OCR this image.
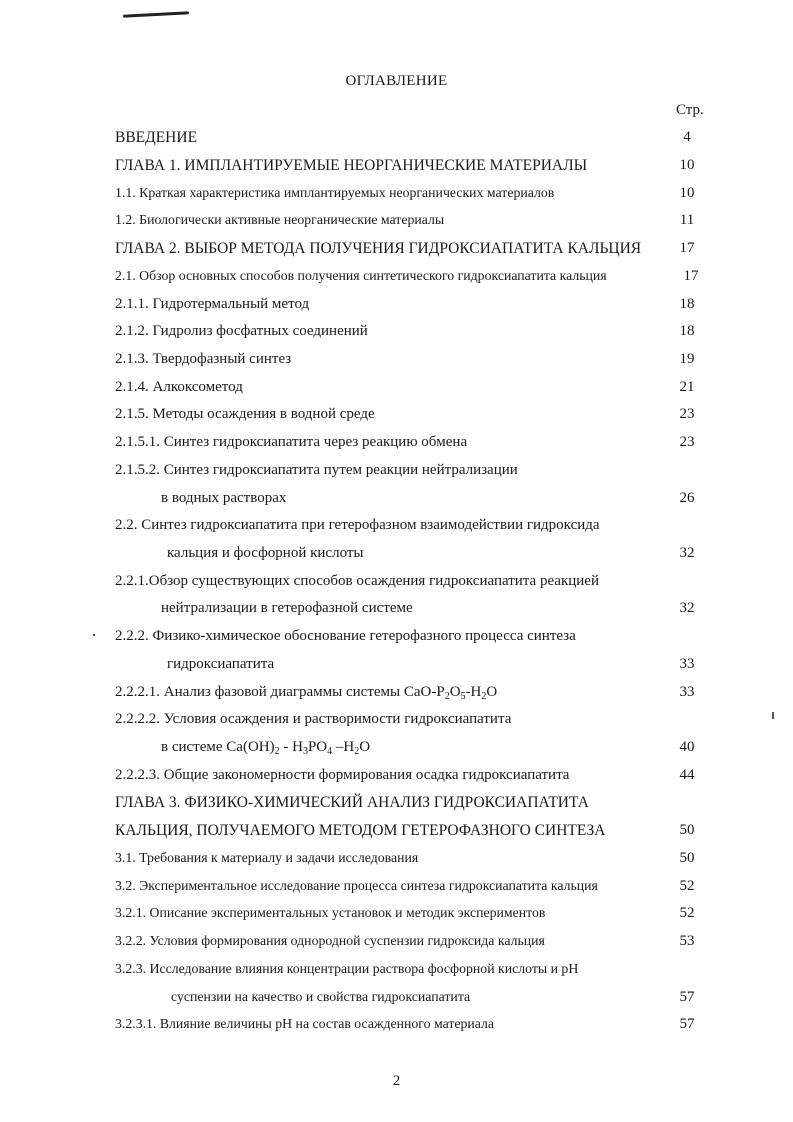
ОГЛАВЛЕНИЕ
Стр.
ВВЕДЕНИЕ	4
ГЛАВА 1. ИМПЛАНТИРУЕМЫЕ НЕОРГАНИЧЕСКИЕ МАТЕРИАЛЫ	10
1.1. Краткая характеристика имплантируемых неорганических материалов	10
1.2. Биологически активные неорганические материалы	11
ГЛАВА 2. ВЫБОР МЕТОДА ПОЛУЧЕНИЯ ГИДРОКСИАПАТИТА КАЛЬЦИЯ	17
2.1. Обзор основных способов получения синтетического гидроксиапатита кальция	17
2.1.1. Гидротермальный метод	18
2.1.2. Гидролиз фосфатных соединений	18
2.1.3. Твердофазный синтез	19
2.1.4. Алкоксометод	21
2.1.5. Методы осаждения в водной среде	23
2.1.5.1. Синтез гидроксиапатита через реакцию обмена	23
2.1.5.2. Синтез гидроксиапатита путем реакции нейтрализации
в водных растворах	26
2.2. Синтез гидроксиапатита при гетерофазном взаимодействии гидроксида
кальция и фосфорной кислоты	32
2.2.1.Обзор существующих способов осаждения гидроксиапатита реакцией
нейтрализации в гетерофазной системе	32
2.2.2. Физико-химическое обоснование гетерофазного процесса синтеза
гидроксиапатита	33
2.2.2.1. Анализ фазовой диаграммы системы CaO-$P_2O_5-H_2O$	33
2.2.2.2. Условия осаждения и растворимости гидроксиапатита
в системе $Ca(OH)_2 - H_3PO_4$ $-H_2O$	40
2.2.2.3. Общие закономерности формирования осадка гидроксиапатита	44
ГЛАВА 3. ФИЗИКО-ХИМИЧЕСКИЙ АНАЛИЗ ГИДРОКСИАПАТИТА
КАЛЬЦИЯ, ПОЛУЧАЕМОГО МЕТОДОМ ГЕТЕРОФАЗНОГО СИНТЕЗА	50
3.1. Требования к материалу и задачи исследования	50
3.2. Экспериментальное исследование процесса синтеза гидроксиапатита кальция	52
3.2.1. Описание экспериментальных установок и методик экспериментов	52
3.2.2. Условия формирования однородной суспензии гидроксида кальция	53
3.2.3. Исследование влияния концентрации раствора фосфорной кислоты и pH
суспензии на качество и свойства гидроксиапатита	57
3.2.3.1. Влияние величины pH на состав осажденного материала	57
2
